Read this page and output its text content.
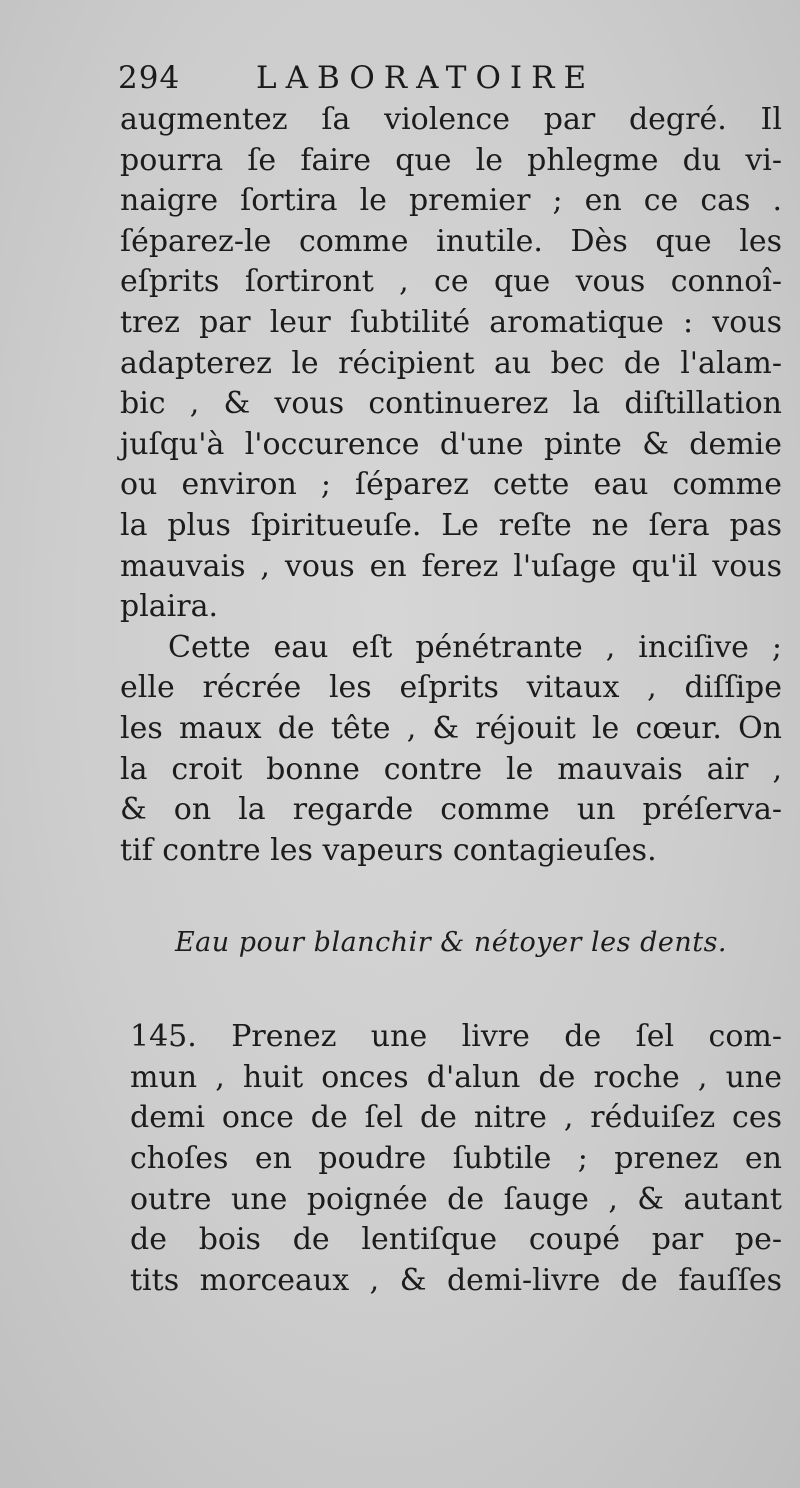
294 LABORATOIRE
augmentez ſa violence par degré. Il
pourra ſe faire que le phlegme du vi-
naigre ſortira le premier ; en ce cas .
ſéparez-le comme inutile. Dès que les
eſprits ſortiront , ce que vous connoî-
trez par leur ſubtilité aromatique : vous
adapterez le récipient au bec de l'alam-
bic , & vous continuerez la diſtillation
juſqu'à l'occurence d'une pinte & demie
ou environ ; ſéparez cette eau comme
la plus ſpiritueuſe. Le reſte ne ſera pas
mauvais , vous en ferez l'uſage qu'il vous
plaira.
Cette eau eſt pénétrante , inciſive ;
elle récrée les eſprits vitaux , diſſipe
les maux de tête , & réjouit le cœur. On
la croit bonne contre le mauvais air ,
& on la regarde comme un préſerva-
tif contre les vapeurs contagieuſes.
Eau pour blanchir & nétoyer les dents.
145. Prenez une livre de ſel com-
mun , huit onces d'alun de roche , une
demi once de ſel de nitre , réduiſez ces
choſes en poudre ſubtile ; prenez en
outre une poignée de ſauge , & autant
de bois de lentiſque coupé par pe-
tits morceaux , & demi-livre de fauſſes
